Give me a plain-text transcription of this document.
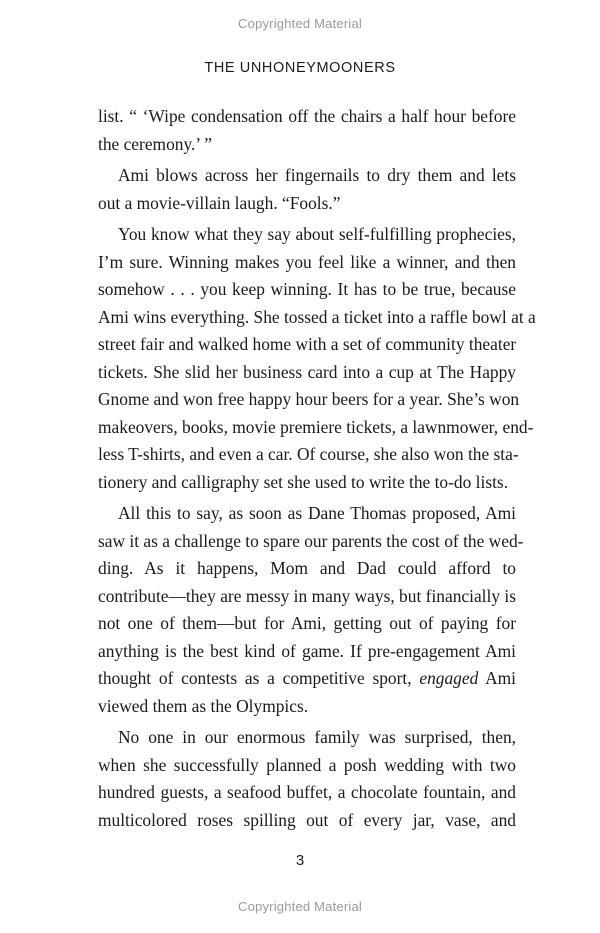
Copyrighted Material
THE UNHONEYMOONERS
list. “ ‘Wipe condensation off the chairs a half hour before
the ceremony.’ ”
Ami blows across her fingernails to dry them and lets
out a movie-villain laugh. “Fools.”
You know what they say about self-fulfilling prophecies,
I’m sure. Winning makes you feel like a winner, and then
somehow . . . you keep winning. It has to be true, because
Ami wins everything. She tossed a ticket into a raffle bowl at a
street fair and walked home with a set of community theater
tickets. She slid her business card into a cup at The Happy
Gnome and won free happy hour beers for a year. She’s won
makeovers, books, movie premiere tickets, a lawnmower, end-
less T-shirts, and even a car. Of course, she also won the sta-
tionery and calligraphy set she used to write the to-do lists.
All this to say, as soon as Dane Thomas proposed, Ami
saw it as a challenge to spare our parents the cost of the wed-
ding. As it happens, Mom and Dad could afford to
contribute—they are messy in many ways, but financially is
not one of them—but for Ami, getting out of paying for
anything is the best kind of game. If pre-engagement Ami
thought of contests as a competitive sport, engaged Ami
viewed them as the Olympics.
No one in our enormous family was surprised, then,
when she successfully planned a posh wedding with two
hundred guests, a seafood buffet, a chocolate fountain, and
multicolored roses spilling out of every jar, vase, and
3
Copyrighted Material
